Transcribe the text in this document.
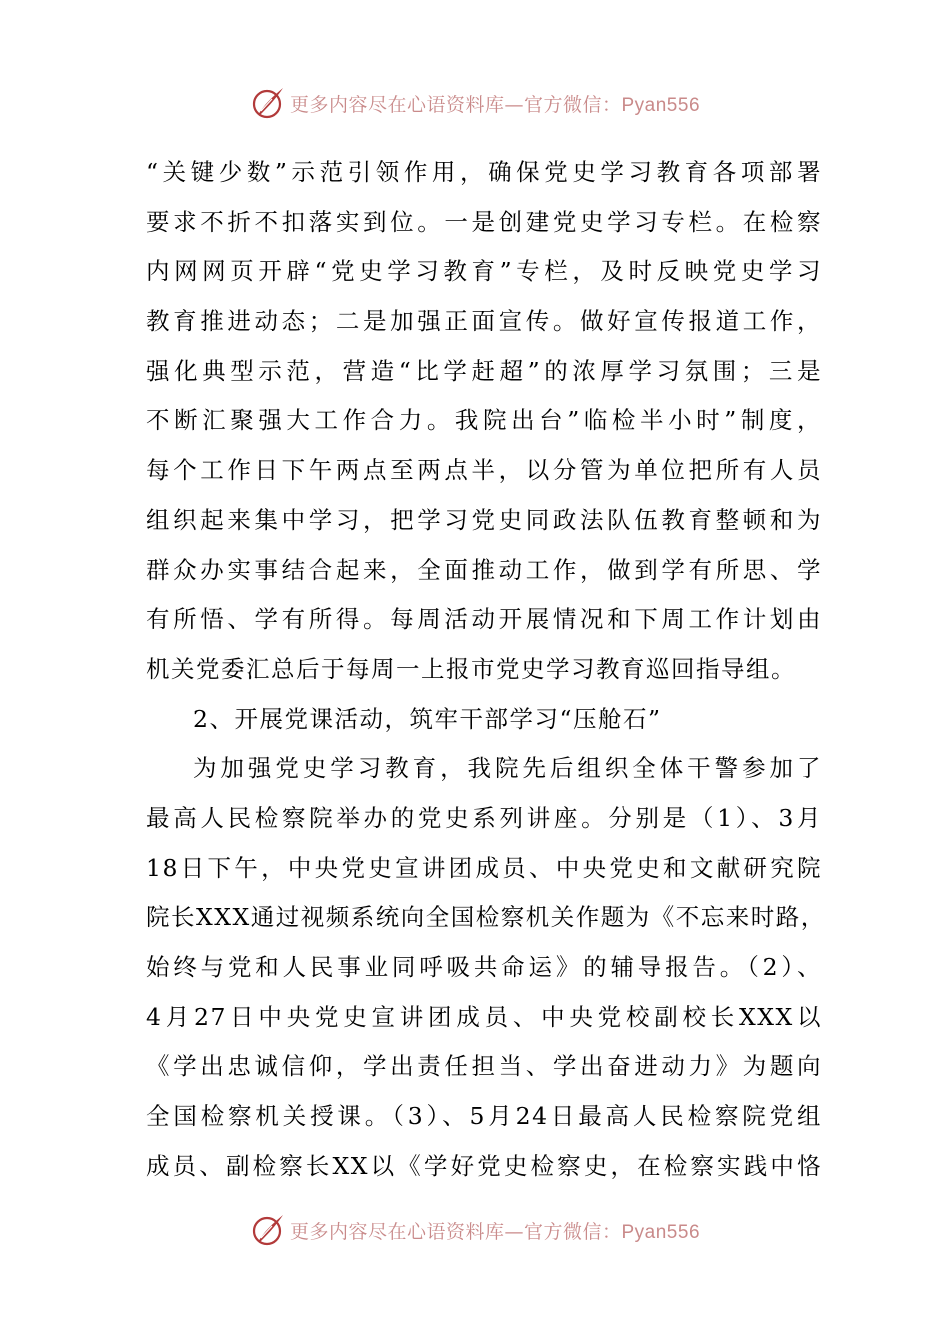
更多内容尽在心语资料库—官方微信：Pyan556
“关键少数”示范引领作用，确保党史学习教育各项部署
要求不折不扣落实到位。一是创建党史学习专栏。在检察
内网网页开辟“党史学习教育”专栏，及时反映党史学习
教育推进动态；二是加强正面宣传。做好宣传报道工作，
强化典型示范，营造“比学赶超”的浓厚学习氛围；三是
不断汇聚强大工作合力。我院出台”临检半小时”制度，
每个工作日下午两点至两点半，以分管为单位把所有人员
组织起来集中学习，把学习党史同政法队伍教育整顿和为
群众办实事结合起来，全面推动工作，做到学有所思、学
有所悟、学有所得。每周活动开展情况和下周工作计划由
机关党委汇总后于每周一上报市党史学习教育巡回指导组。
2、开展党课活动，筑牢干部学习“压舱石”
为加强党史学习教育，我院先后组织全体干警参加了
最高人民检察院举办的党史系列讲座。分别是（1）、3月
18日下午，中央党史宣讲团成员、中央党史和文献研究院
院长XXX通过视频系统向全国检察机关作题为《不忘来时路，
始终与党和人民事业同呼吸共命运》的辅导报告。（2）、
4月27日中央党史宣讲团成员、中央党校副校长XXX以
《学出忠诚信仰，学出责任担当、学出奋进动力》为题向
全国检察机关授课。（3）、5月24日最高人民检察院党组
成员、副检察长XX以《学好党史检察史，在检察实践中恪
更多内容尽在心语资料库—官方微信：Pyan556
